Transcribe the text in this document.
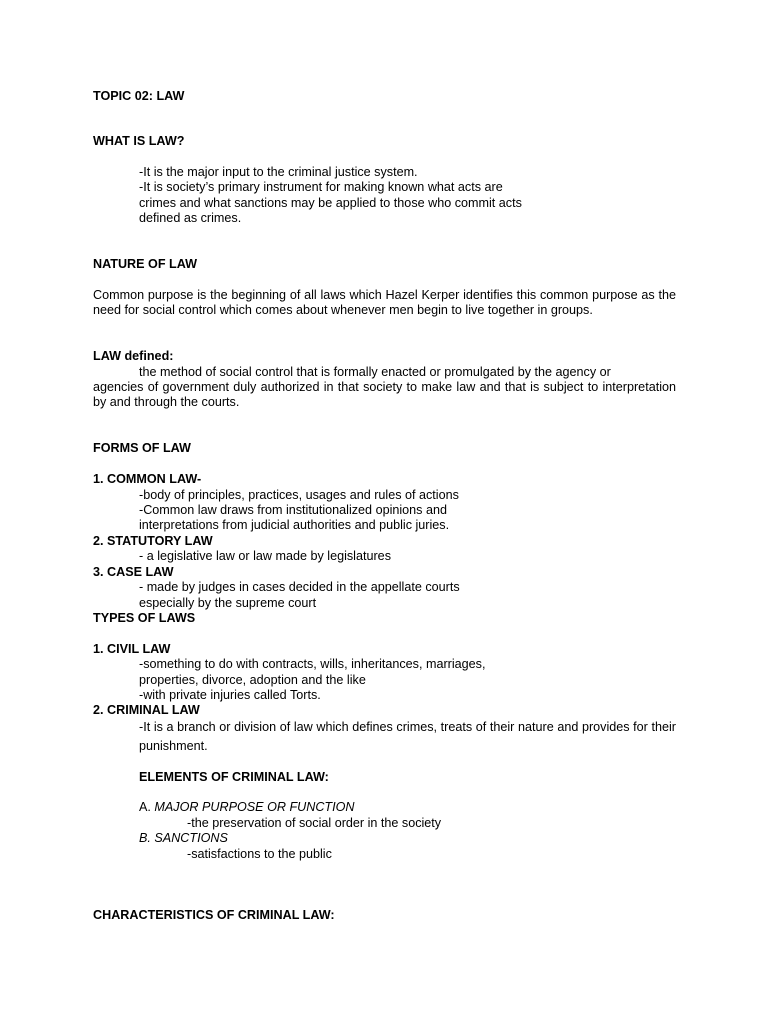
TOPIC 02: LAW
WHAT IS LAW?
-It is the major input to the criminal justice system.
-It is society’s primary instrument for making known what acts are
crimes and what sanctions may be applied to those who commit acts
defined as crimes.
NATURE OF LAW
Common purpose is the beginning of all laws which Hazel Kerper identifies this common purpose as the need for social control which comes about whenever men begin to live together in groups.
LAW defined:
the method of social control that is formally enacted or promulgated by the agency or
agencies of government duly authorized in that society to make law and that is subject to interpretation by and through the courts.
FORMS OF LAW
1. COMMON LAW-
-body of principles, practices, usages and rules of actions
-Common law draws from institutionalized opinions and
interpretations from judicial authorities and public juries.
2. STATUTORY LAW
- a legislative law or law made by legislatures
3. CASE LAW
- made by judges in cases decided in the appellate courts
especially by the supreme court
TYPES OF LAWS
1. CIVIL LAW
-something to do with contracts, wills, inheritances, marriages,
properties, divorce, adoption and the like
-with private injuries called Torts.
2. CRIMINAL LAW
-It is a branch or division of law which defines crimes, treats of their nature and provides for their punishment.
ELEMENTS OF CRIMINAL LAW:
A. MAJOR PURPOSE OR FUNCTION
-the preservation of social order in the society
B. SANCTIONS
-satisfactions to the public
CHARACTERISTICS OF CRIMINAL LAW:
